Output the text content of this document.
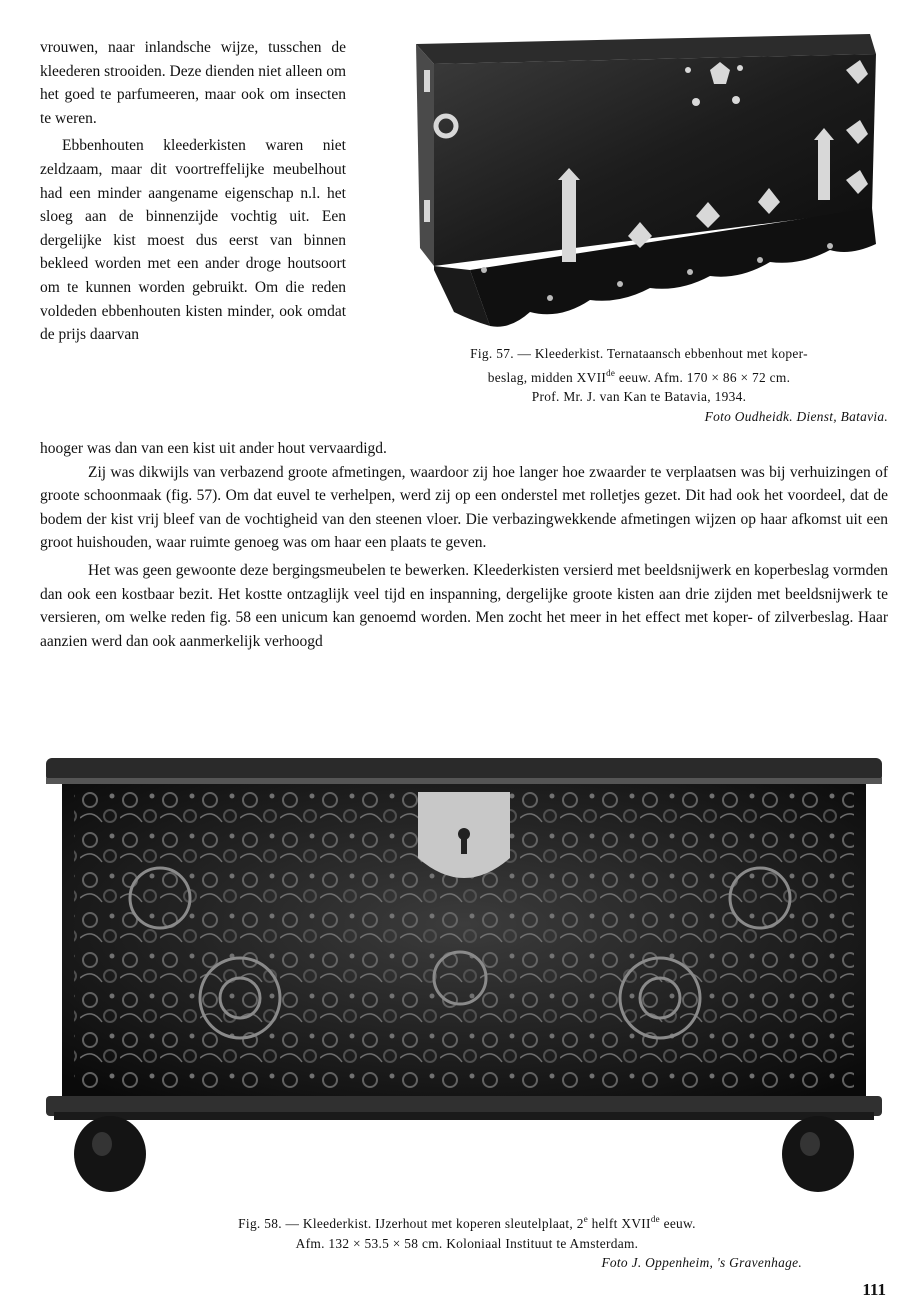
vrouwen, naar inlandsche wijze, tusschen de kleederen strooiden. Deze dienden niet alleen om het goed te parfumeeren, maar ook om insecten te weren.

Ebbenhouten kleederkisten waren niet zeldzaam, maar dit voortreffelijke meubelhout had een minder aangename eigenschap n.l. het sloeg aan de binnenzijde vochtig uit. Een dergelijke kist moest dus eerst van binnen bekleed worden met een ander droge houtsoort om te kunnen worden gebruikt. Om die reden voldeden ebbenhouten kisten minder, ook omdat de prijs daarvan

Fig. 57. — Kleederkist. Ternataansch ebbenhout met koper-
beslag, midden XVIIde eeuw. Afm. 170 × 86 × 72 cm.
Prof. Mr. J. van Kan te Batavia, 1934.
Foto Oudheidk. Dienst, Batavia.

hooger was dan van een kist uit ander hout vervaardigd.

Zij was dikwijls van verbazend groote afmetingen, waardoor zij hoe langer hoe zwaarder te verplaatsen was bij verhuizingen of groote schoonmaak (fig. 57). Om dat euvel te verhelpen, werd zij op een onderstel met rolletjes gezet. Dit had ook het voordeel, dat de bodem der kist vrij bleef van de vochtigheid van den steenen vloer. Die verbazingwekkende afmetingen wijzen op haar afkomst uit een groot huishouden, waar ruimte genoeg was om haar een plaats te geven.

Het was geen gewoonte deze bergingsmeubelen te bewerken. Kleederkisten versierd met beeldsnijwerk en koperbeslag vormden dan ook een kostbaar bezit. Het kostte ontzaglijk veel tijd en inspanning, dergelijke groote kisten aan drie zijden met beeldsnijwerk te versieren, om welke reden fig. 58 een unicum kan genoemd worden. Men zocht het meer in het effect met koper- of zilverbeslag. Haar aanzien werd dan ook aanmerkelijk verhoogd

Fig. 58. — Kleederkist. IJzerhout met koperen sleutelplaat, 2e helft XVIIde eeuw.
Afm. 132 × 53.5 × 58 cm. Koloniaal Instituut te Amsterdam.
Foto J. Oppenheim, 's Gravenhage.
111
